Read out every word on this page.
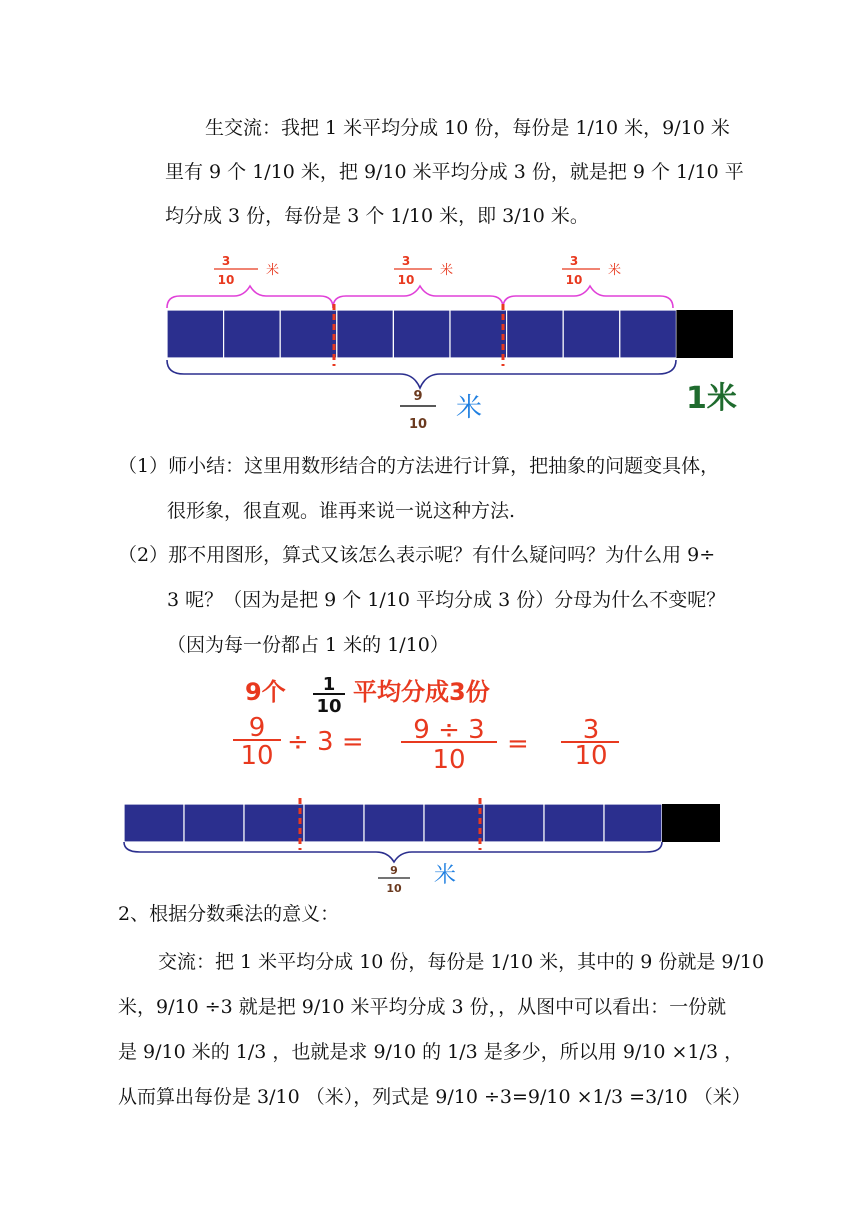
生交流：我把 1 米平均分成 10 份，每份是 1/10 米，9/10 米
里有 9 个 1/10 米，把 9/10 米平均分成 3 份，就是把 9 个 1/10 平
均分成 3 份，每份是 3 个 1/10 米，即 3/10 米。
3
10
米
3
10
米
3
10
米
9
10
米	1米
（1）师小结：这里用数形结合的方法进行计算，把抽象的问题变具体，
很形象，很直观。谁再来说一说这种方法.
（2）那不用图形，算式又该怎么表示呢？有什么疑问吗？为什么用 9÷
3 呢？（因为是把 9 个 1/10 平均分成 3 份）分母为什么不变呢？
（因为每一份都占 1 米的 1/10）
9个 1
10
平均分成3份
9
10 ÷ 3 = 9 ÷ 3
10
= 3
10
9
10
米
2、根据分数乘法的意义：
交流：把 1 米平均分成 10 份，每份是 1/10 米，其中的 9 份就是 9/10
米，9/10 ÷3 就是把 9/10 米平均分成 3 份，，从图中可以看出：一份就
是 9/10 米的 1/3 ，也就是求 9/10 的 1/3 是多少，所以用 9/10 ×1/3 ，
从而算出每份是 3/10 （米），列式是 9/10 ÷3=9/10 ×1/3 =3/10 （米）
